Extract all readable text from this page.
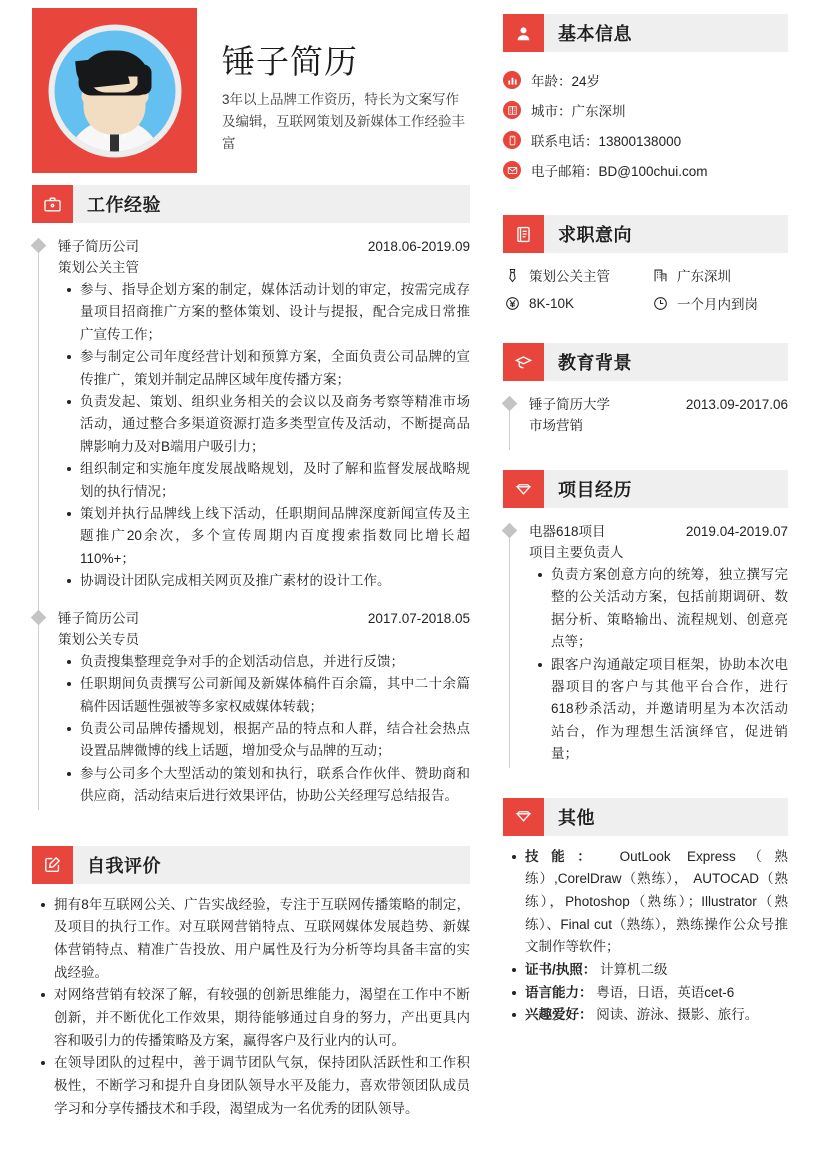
锤子简历
3年以上品牌工作资历，特长为文案写作及编辑，互联网策划及新媒体工作经验丰富
工作经验
锤子简历公司	2018.06-2019.09
策划公关主管
参与、指导企划方案的制定，媒体活动计划的审定，按需完成存量项目招商推广方案的整体策划、设计与提报，配合完成日常推广宣传工作；
参与制定公司年度经营计划和预算方案，全面负责公司品牌的宣传推广，策划并制定品牌区域年度传播方案；
负责发起、策划、组织业务相关的会议以及商务考察等精准市场活动，通过整合多渠道资源打造多类型宣传及活动，不断提高品牌影响力及对B端用户吸引力；
组织制定和实施年度发展战略规划，及时了解和监督发展战略规划的执行情况；
策划并执行品牌线上线下活动，任职期间品牌深度新闻宣传及主题推广20余次，多个宣传周期内百度搜索指数同比增长超110%+；
协调设计团队完成相关网页及推广素材的设计工作。
锤子简历公司	2017.07-2018.05
策划公关专员
负责搜集整理竞争对手的企划活动信息，并进行反馈；
任职期间负责撰写公司新闻及新媒体稿件百余篇，其中二十余篇稿件因话题性强被等多家权威媒体转载；
负责公司品牌传播规划，根据产品的特点和人群，结合社会热点设置品牌微博的线上话题，增加受众与品牌的互动；
参与公司多个大型活动的策划和执行，联系合作伙伴、赞助商和供应商，活动结束后进行效果评估，协助公关经理写总结报告。
自我评价
拥有8年互联网公关、广告实战经验，专注于互联网传播策略的制定，及项目的执行工作。对互联网营销特点、互联网媒体发展趋势、新媒体营销特点、精准广告投放、用户属性及行为分析等均具备丰富的实战经验。
对网络营销有较深了解，有较强的创新思维能力，渴望在工作中不断创新，并不断优化工作效果，期待能够通过自身的努力，产出更具内容和吸引力的传播策略及方案，赢得客户及行业内的认可。
在领导团队的过程中，善于调节团队气氛，保持团队活跃性和工作积极性，不断学习和提升自身团队领导水平及能力，喜欢带领团队成员学习和分享传播技术和手段，渴望成为一名优秀的团队领导。
基本信息
年龄：24岁
城市：广东深圳
联系电话：13800138000
电子邮箱：BD@100chui.com
求职意向
策划公关主管	广东深圳
8K-10K	一个月内到岗
教育背景
锤子简历大学	2013.09-2017.06
市场营销
项目经历
电器618项目	2019.04-2019.07
项目主要负责人
负责方案创意方向的统筹，独立撰写完整的公关活动方案，包括前期调研、数据分析、策略输出、流程规划、创意亮点等；
跟客户沟通敲定项目框架，协助本次电器项目的客户与其他平台合作，进行618秒杀活动，并邀请明星为本次活动站台，作为理想生活演绎官，促进销量；
其他
技能： OutLook Express（熟练）,CorelDraw（熟练）， AUTOCAD（熟练），Photoshop（熟练）；Illustrator（熟练）、Final cut（熟练），熟练操作公众号推文制作等软件；
证书/执照： 计算机二级
语言能力： 粤语，日语，英语cet-6
兴趣爱好： 阅读、游泳、摄影、旅行。
